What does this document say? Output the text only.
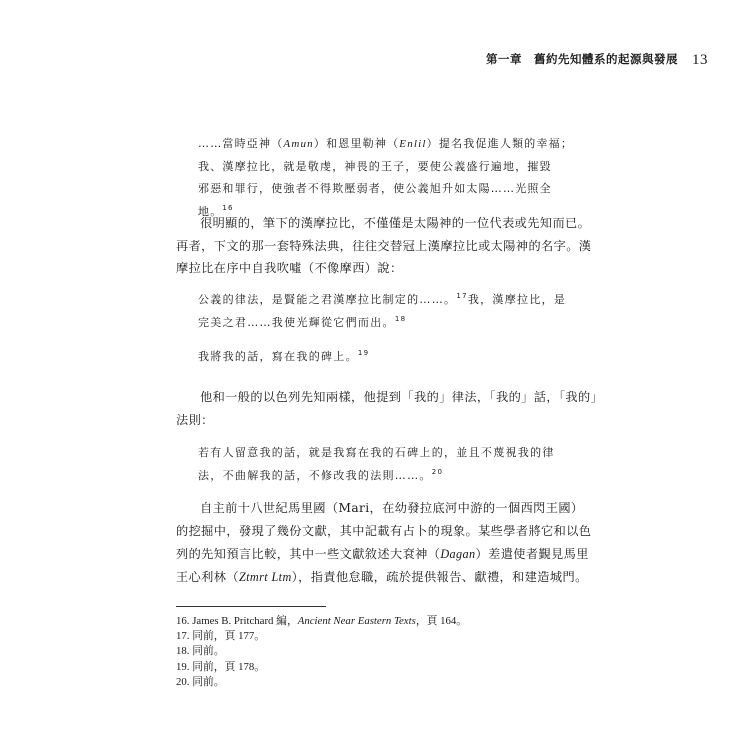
第一章　舊約先知體系的起源與發展 13
……當時亞神（Amun）和恩里勒神（Enlil）提名我促進人類的幸福；
我、漢摩拉比，就是敬虔，神畏的王子，要使公義盛行遍地，摧毀
邪惡和罪行，使強者不得欺壓弱者，使公義旭升如太陽……光照全
地。$^{16}$
很明顯的，筆下的漢摩拉比，不僅僅是太陽神的一位代表或先知而已。
再者，下文的那一套特殊法典，往往交替冠上漢摩拉比或太陽神的名字。漢
摩拉比在序中自我吹噓（不像摩西）說：
公義的律法，是賢能之君漢摩拉比制定的……。$^{17}$我，漢摩拉比，是
完美之君……我使光輝從它們而出。$^{18}$
我將我的話，寫在我的碑上。$^{19}$
他和一般的以色列先知兩樣，他提到「我的」律法，「我的」話，「我的」
法則：
若有人留意我的話，就是我寫在我的石碑上的，並且不蔑視我的律
法，不曲解我的話，不修改我的法則……。$^{20}$
自主前十八世紀馬里國（Mari，在幼發拉底河中游的一個西閃王國）
的挖掘中，發現了幾份文獻，其中記載有占卜的現象。某些學者將它和以色
列的先知預言比較，其中一些文獻敘述大袞神（Dagan）差遣使者覲見馬里
王心利林（Ztmrt Ltm），指責他怠職，疏於提供報告、獻禮，和建造城門。
16. James B. Pritchard 編，Ancient Near Eastern Texts，頁 164。
17. 同前，頁 177。
18. 同前。
19. 同前，頁 178。
20. 同前。
